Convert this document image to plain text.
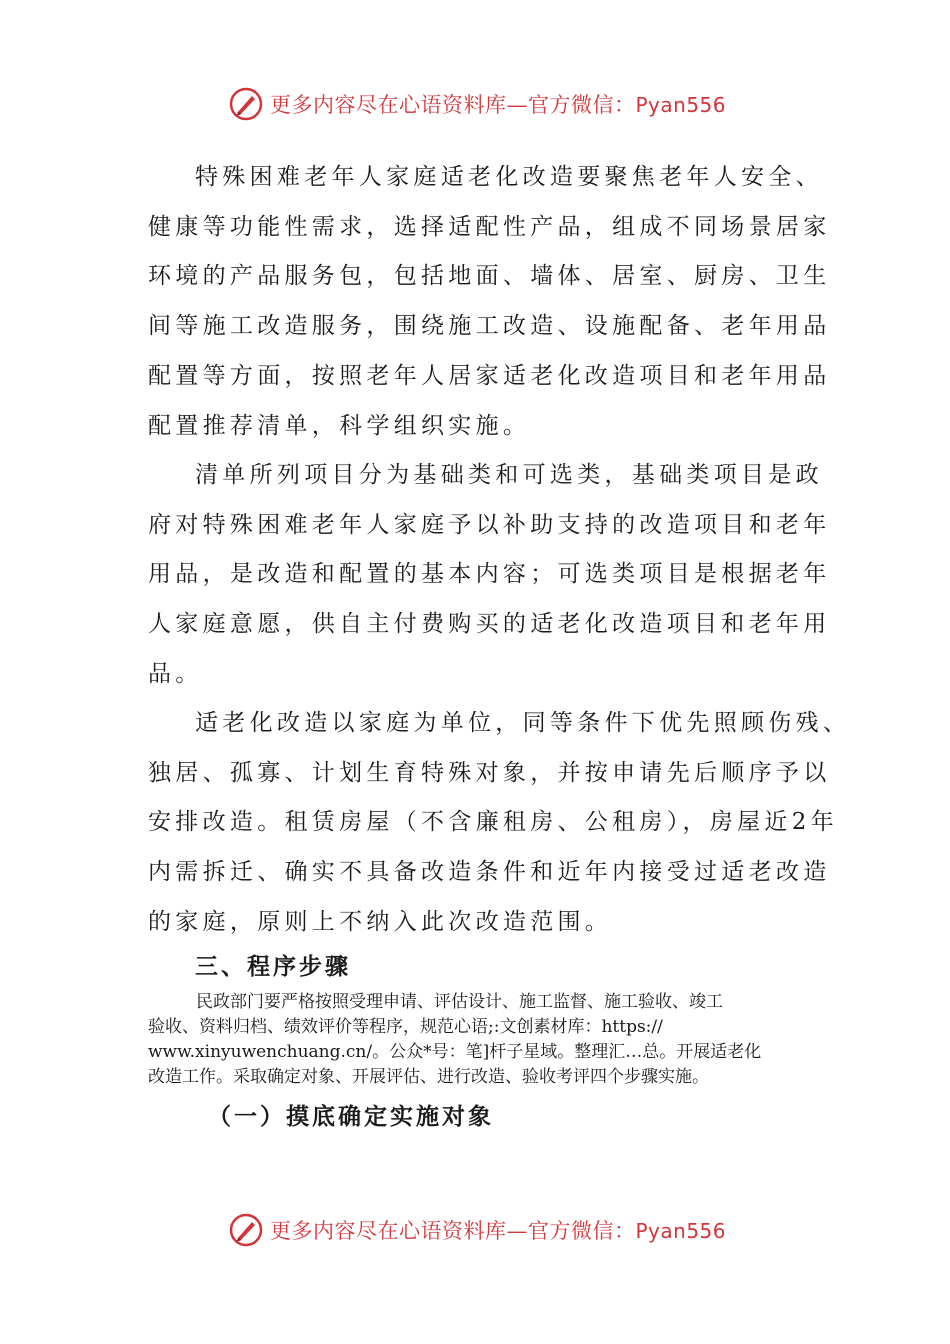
更多内容尽在心语资料库—官方微信：Pyan556
特殊困难老年人家庭适老化改造要聚焦老年人安全、
健康等功能性需求，选择适配性产品，组成不同场景居家
环境的产品服务包，包括地面、墙体、居室、厨房、卫生
间等施工改造服务，围绕施工改造、设施配备、老年用品
配置等方面，按照老年人居家适老化改造项目和老年用品
配置推荐清单，科学组织实施。
清单所列项目分为基础类和可选类，基础类项目是政
府对特殊困难老年人家庭予以补助支持的改造项目和老年
用品，是改造和配置的基本内容；可选类项目是根据老年
人家庭意愿，供自主付费购买的适老化改造项目和老年用
品。
适老化改造以家庭为单位，同等条件下优先照顾伤残、
独居、孤寡、计划生育特殊对象，并按申请先后顺序予以
安排改造。租赁房屋（不含廉租房、公租房），房屋近2年
内需拆迁、确实不具备改造条件和近年内接受过适老改造
的家庭，原则上不纳入此次改造范围。
三、程序步骤
民政部门要严格按照受理申请、评估设计、施工监督、施工验收、竣工
验收、资料归档、绩效评价等程序，规范心语;:文创素材库：https://
www.xinyuwenchuang.cn/。公众*号：笔]杆子星域。整理汇…总。开展适老化
改造工作。采取确定对象、开展评估、进行改造、验收考评四个步骤实施。
（一）摸底确定实施对象
更多内容尽在心语资料库—官方微信：Pyan556
